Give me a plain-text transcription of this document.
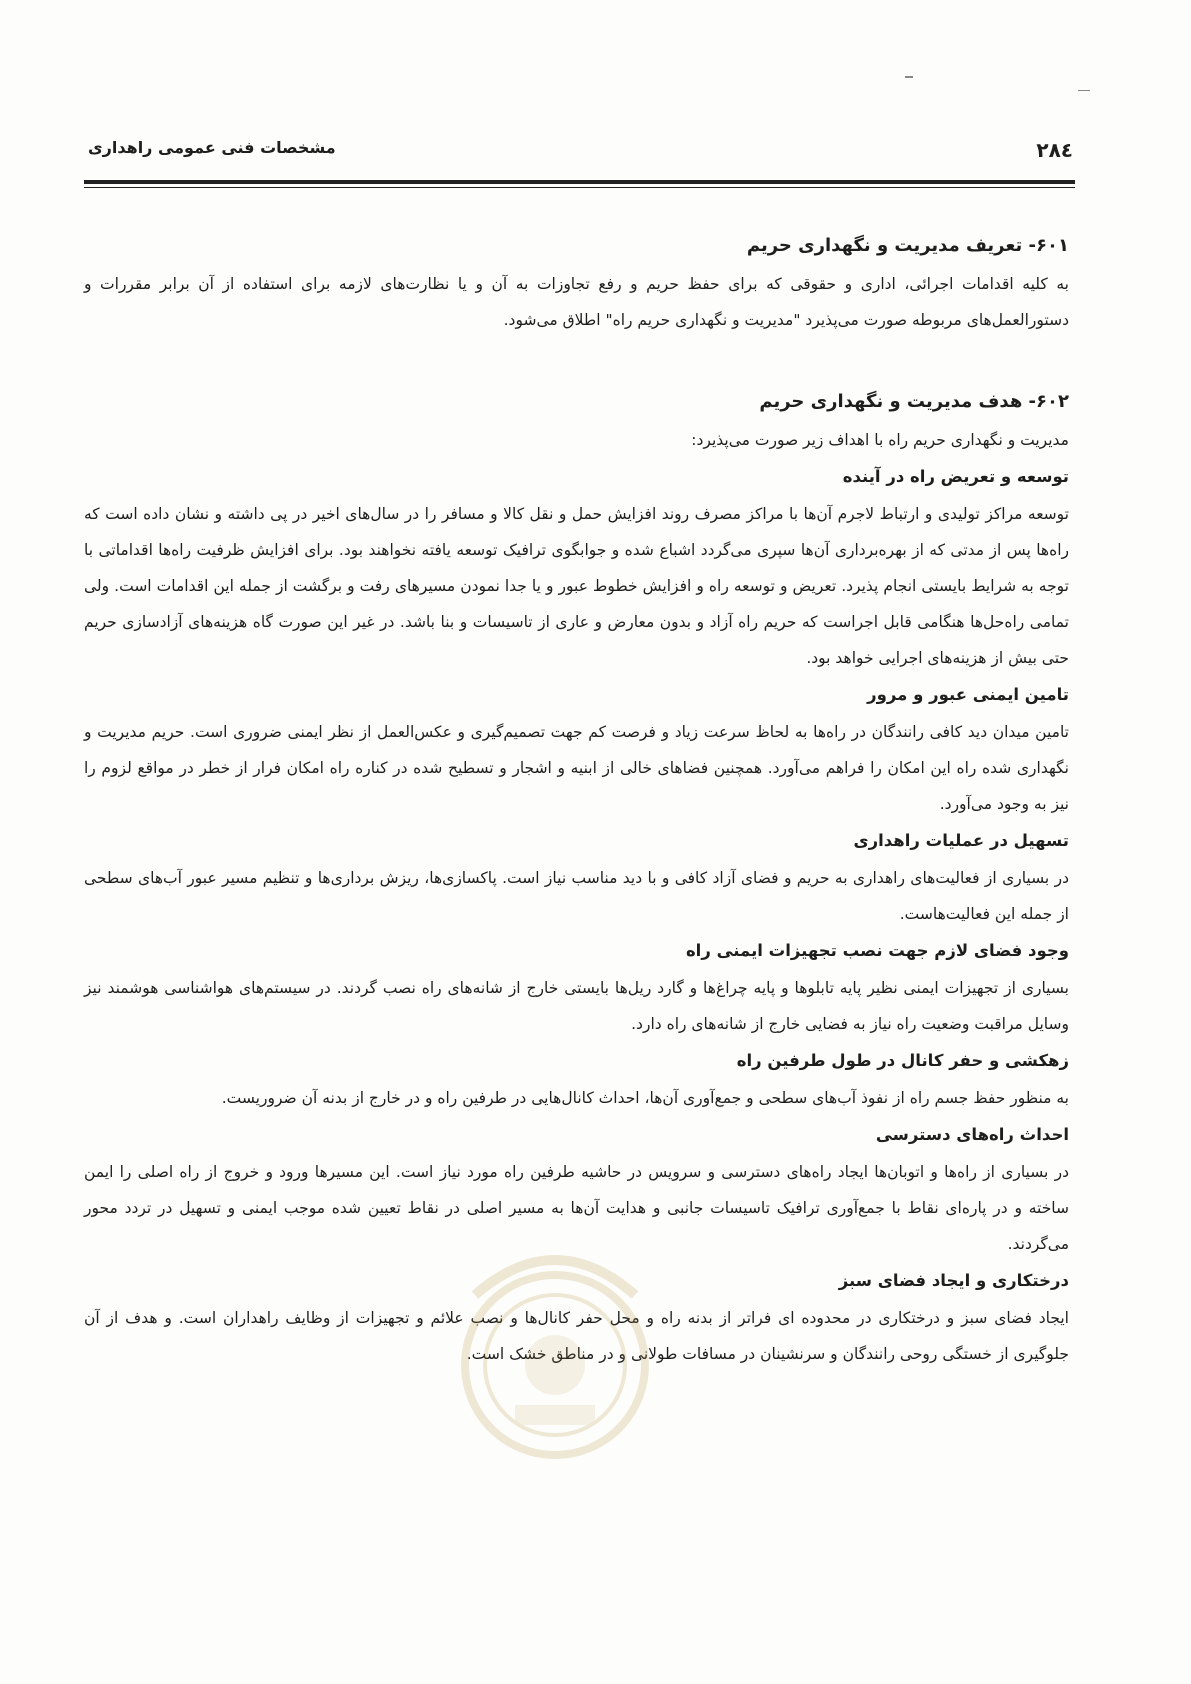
مشخصات فنی عمومی راهداری	۲۸٤
۶۰۱- تعریف مدیریت و نگهداری حریم

به کلیه اقدامات اجرائی، اداری و حقوقی که برای حفظ حریم و رفع تجاوزات به آن و یا نظارت‌های لازمه برای استفاده از آن برابر مقررات و دستورالعمل‌های مربوطه صورت می‌پذیرد "مدیریت و نگهداری حریم راه" اطلاق می‌شود.

۶۰۲- هدف مدیریت و نگهداری حریم

مدیریت و نگهداری حریم راه با اهداف زیر صورت می‌پذیرد:

توسعه و تعریض راه در آینده

توسعه مراکز تولیدی و ارتباط لاجرم آن‌ها با مراکز مصرف روند افزایش حمل و نقل کالا و مسافر را در سال‌های اخیر در پی داشته و نشان داده است که راه‌ها پس از مدتی که از بهره‌برداری آن‌ها سپری می‌گردد اشباع شده و جوابگوی ترافیک توسعه یافته نخواهند بود. برای افزایش ظرفیت راه‌ها اقداماتی با توجه به شرایط بایستی انجام پذیرد. تعریض و توسعه راه و افزایش خطوط عبور و یا جدا نمودن مسیرهای رفت و برگشت از جمله این اقدامات است. ولی تمامی راه‌حل‌ها هنگامی قابل اجراست که حریم راه آزاد و بدون معارض و عاری از تاسیسات و بنا باشد. در غیر این صورت گاه هزینه‌های آزادسازی حریم حتی بیش از هزینه‌های اجرایی خواهد بود.

تامین ایمنی عبور و مرور

تامین میدان دید کافی رانندگان در راه‌ها به لحاظ سرعت زیاد و فرصت کم جهت تصمیم‌گیری و عکس‌العمل از نظر ایمنی ضروری است. حریم مدیریت و نگهداری شده راه این امکان را فراهم می‌آورد. همچنین فضاهای خالی از ابنیه و اشجار و تسطیح شده در کناره راه امکان فرار از خطر در مواقع لزوم را نیز به وجود می‌آورد.

تسهیل در عملیات راهداری

در بسیاری از فعالیت‌های راهداری به حریم و فضای آزاد کافی و با دید مناسب نیاز است. پاکسازی‌ها، ریزش برداری‌ها و تنظیم مسیر عبور آب‌های سطحی از جمله این فعالیت‌هاست.

وجود فضای لازم جهت نصب تجهیزات ایمنی راه

بسیاری از تجهیزات ایمنی نظیر پایه تابلوها و پایه چراغ‌ها و گارد ریل‌ها بایستی خارج از شانه‌های راه نصب گردند. در سیستم‌های هواشناسی هوشمند نیز وسایل مراقبت وضعیت راه نیاز به فضایی خارج از شانه‌های راه دارد.

زهکشی و حفر کانال در طول طرفین راه

به منظور حفظ جسم راه از نفوذ آب‌های سطحی و جمع‌آوری آن‌ها، احداث کانال‌هایی در طرفین راه و در خارج از بدنه آن ضروریست.

احداث راه‌های دسترسی

در بسیاری از راه‌ها و اتوبان‌ها ایجاد راه‌های دسترسی و سرویس در حاشیه طرفین راه مورد نیاز است. این مسیرها ورود و خروج از راه اصلی را ایمن ساخته و در پاره‌ای نقاط با جمع‌آوری ترافیک تاسیسات جانبی و هدایت آن‌ها به مسیر اصلی در نقاط تعیین شده موجب ایمنی و تسهیل در تردد محور می‌گردند.

درختکاری و ایجاد فضای سبز

ایجاد فضای سبز و درختکاری در محدوده ای فراتر از بدنه راه و محل حفر کانال‌ها و نصب علائم و تجهیزات از وظایف راهداران است. و هدف از آن جلوگیری از خستگی روحی رانندگان و سرنشینان در مسافات طولانی و در مناطق خشک است.
